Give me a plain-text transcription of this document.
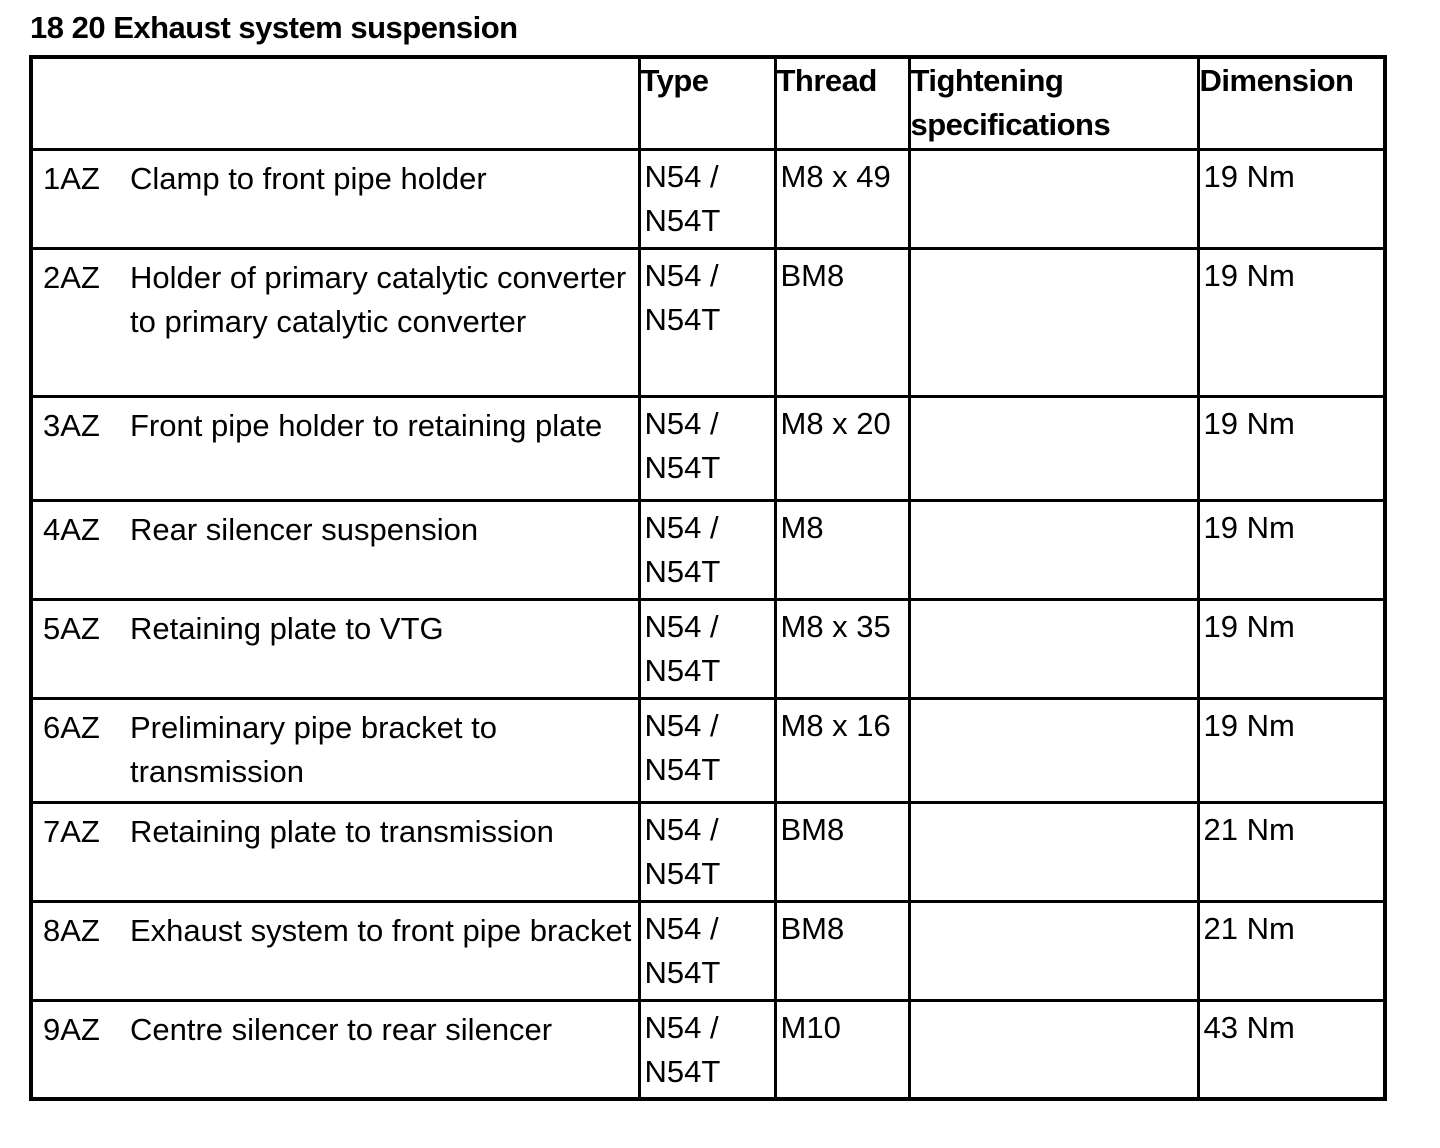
18 20 Exhaust system suspension
	Type	Thread	Tightening specifications	Dimension

1AZ Clamp to front pipe holder	N54 / N54T	M8 x 49		19 Nm

2AZ Holder of primary catalytic converter to primary catalytic converter	N54 / N54T	BM8		19 Nm

3AZ Front pipe holder to retaining plate	N54 / N54T	M8 x 20		19 Nm

4AZ Rear silencer suspension	N54 / N54T	M8		19 Nm

5AZ Retaining plate to VTG	N54 / N54T	M8 x 35		19 Nm

6AZ Preliminary pipe bracket to transmission	N54 / N54T	M8 x 16		19 Nm

7AZ Retaining plate to transmission	N54 / N54T	BM8		21 Nm

8AZ Exhaust system to front pipe bracket	N54 / N54T	BM8		21 Nm

9AZ Centre silencer to rear silencer	N54 / N54T	M10		43 Nm
